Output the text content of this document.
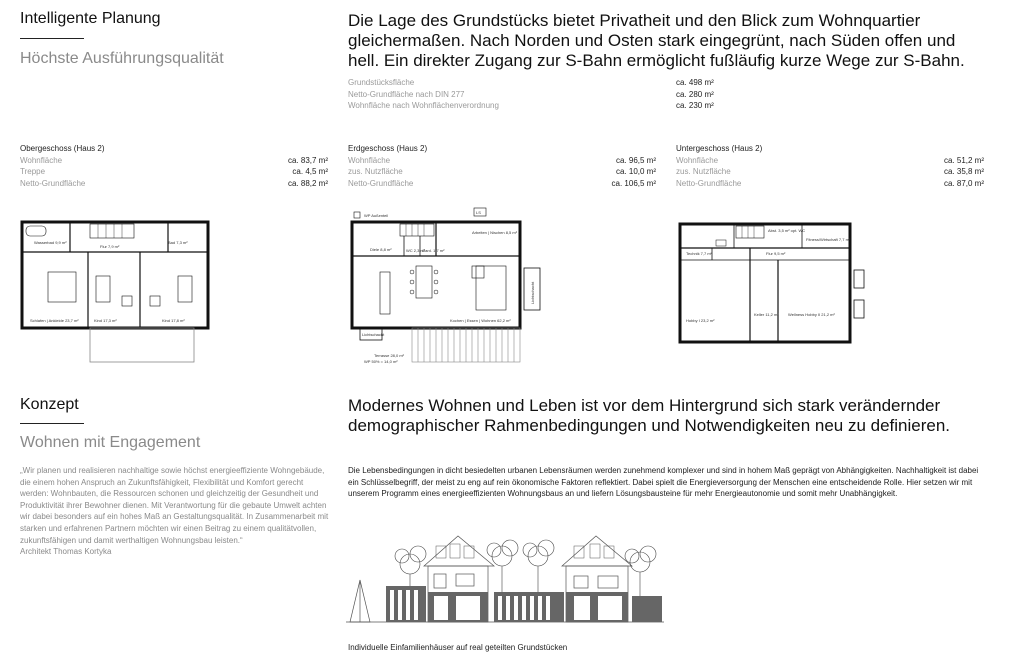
Intelligente Planung
Höchste Ausführungsqualität
Die Lage des Grundstücks bietet Privatheit und den Blick zum Wohnquartier gleichermaßen. Nach Norden und Osten stark eingegrünt, nach Süden offen und hell. Ein direkter Zugang zur S-Bahn ermöglicht fußläufig kurze Wege zur S-Bahn.
Grundstücksfläche	ca. 498 m²
Netto-Grundfläche nach DIN 277	ca. 280 m²
Wohnfläche nach Wohnflächenverordnung	ca. 230 m²
Obergeschoss (Haus 2)
Wohnfläche	ca. 83,7 m²
Treppe	ca. 4,5 m²
Netto-Grundfläche	ca. 88,2 m²
Erdgeschoss (Haus 2)
Wohnfläche	ca. 96,5 m²
zus. Nutzfläche	ca. 10,0 m²
Netto-Grundfläche	ca. 106,5 m²
Untergeschoss (Haus 2)
Wohnfläche	ca. 51,2 m²
zus. Nutzfläche	ca. 35,8 m²
Netto-Grundfläche	ca. 87,0 m²
Wasserbad 9,9 m²
Flur 7,9 m²
Bad 7,3 m²
Schlafen | Ankleide 23,7 m²	Kind 17,3 m²	Kind 17,8 m²
WP Außenteil
LS
Arbeiten | Nischen 8,5 m²
Diele 8,8 m²	WC 2,3 m²
Gard. 1,7 m²
Kochen | Essen | Wohnen 62,2 m²
Lichtschacht
Lichtschacht
Terrasse 28,0 m²
WP 50% = 14,0 m²
Abst. 3,5 m² opt. WC
Fitness/Wirtschaft 7,7 m²
Technik 7,7 m²	Flur 9,5 m²
Hobby I 23,2 m²
Keller 11,2 m² Wellness Hobby II 21,2 m²
Konzept
Wohnen mit Engagement
„Wir planen und realisieren nachhaltige sowie höchst energieeffiziente Wohngebäude, die einem hohen Anspruch an Zukunftsfähigkeit, Flexibilität und Komfort gerecht werden: Wohnbauten, die Ressourcen schonen und gleichzeitig der Gesundheit und Produktivität ihrer Bewohner dienen. Mit Verantwortung für die gebaute Umwelt achten wir dabei besonders auf ein hohes Maß an Gestaltungsqualität. In Zusammenarbeit mit starken und erfahrenen Partnern möchten wir einen Beitrag zu einem qualitätvollen, zukunftsfähigen und damit werthaltigen Wohnungsbau leisten.“
Architekt Thomas Kortyka
Modernes Wohnen und Leben ist vor dem Hintergrund sich stark verändernder demographischer Rahmenbedingungen und Notwendigkeiten neu zu definieren.
Die Lebensbedingungen in dicht besiedelten urbanen Lebensräumen werden zunehmend komplexer und sind in hohem Maß geprägt von Abhängigkeiten. Nachhaltigkeit ist dabei ein Schlüsselbegriff, der meist zu eng auf rein ökonomische Faktoren reflektiert. Dabei spielt die Energieversorgung der Menschen eine entscheidende Rolle. Hier setzen wir mit unserem Programm eines energieeffizienten Wohnungsbaus an und liefern Lösungsbausteine für mehr Energieautonomie und somit mehr Unabhängigkeit.
Individuelle Einfamilienhäuser auf real geteilten Grundstücken
